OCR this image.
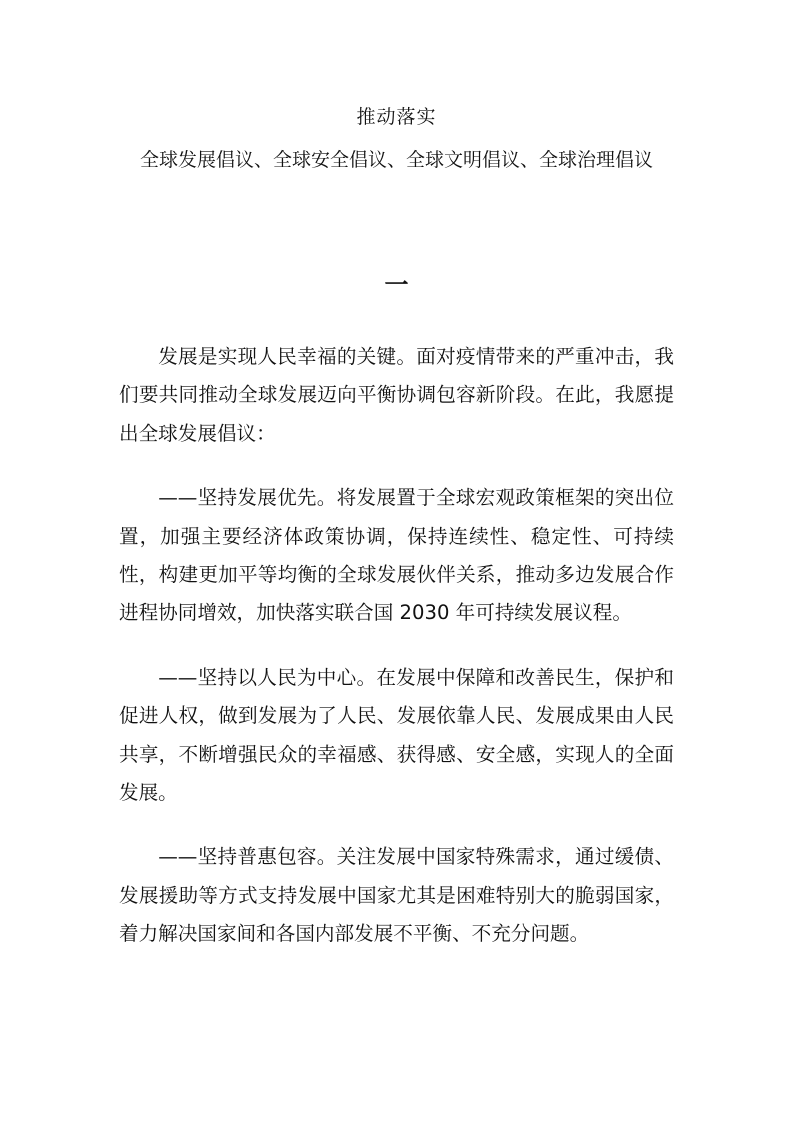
推动落实
全球发展倡议、全球安全倡议、全球文明倡议、全球治理倡议
一

发展是实现人民幸福的关键。面对疫情带来的严重冲击，我们要共同推动全球发展迈向平衡协调包容新阶段。在此，我愿提出全球发展倡议：

——坚持发展优先。将发展置于全球宏观政策框架的突出位置，加强主要经济体政策协调，保持连续性、稳定性、可持续性，构建更加平等均衡的全球发展伙伴关系，推动多边发展合作进程协同增效，加快落实联合国 2030 年可持续发展议程。

——坚持以人民为中心。在发展中保障和改善民生，保护和促进人权，做到发展为了人民、发展依靠人民、发展成果由人民共享，不断增强民众的幸福感、获得感、安全感，实现人的全面发展。

——坚持普惠包容。关注发展中国家特殊需求，通过缓债、发展援助等方式支持发展中国家尤其是困难特别大的脆弱国家，着力解决国家间和各国内部发展不平衡、不充分问题。
